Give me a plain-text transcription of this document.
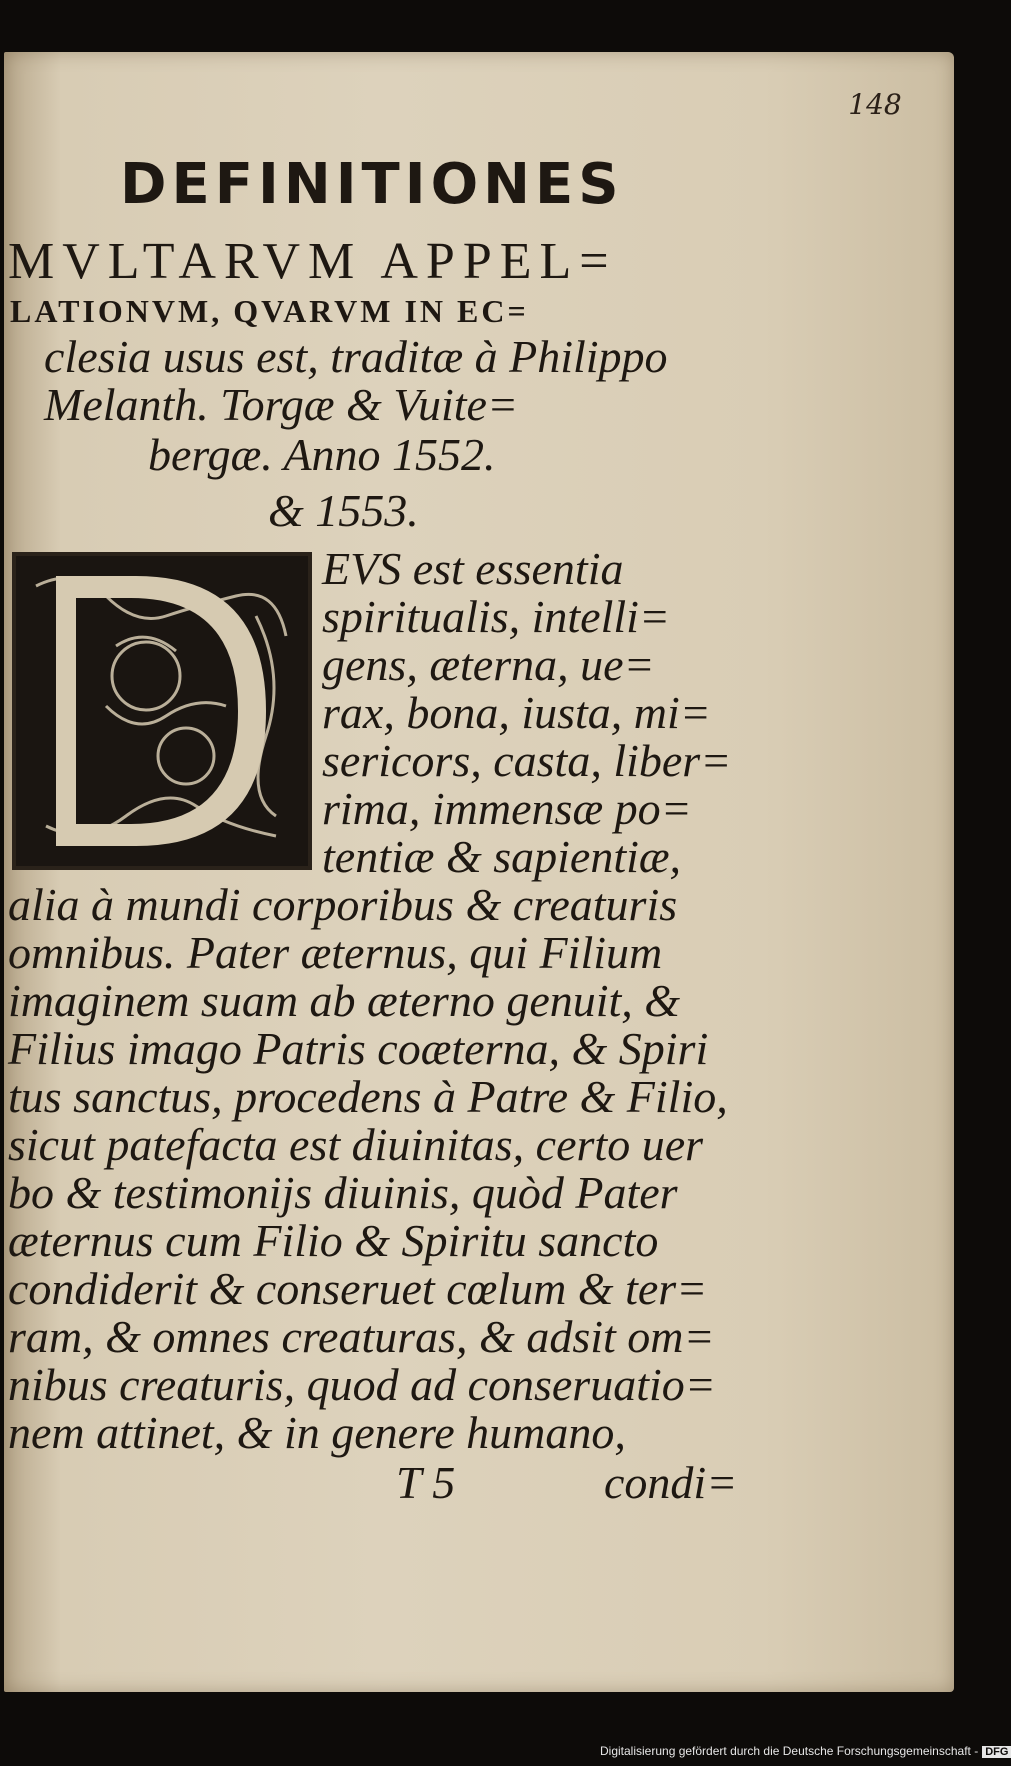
148
DEFINITIONES
MVLTARVM APPEL=
LATIONVM, QVARVM IN EC=
clesia usus est, traditæ à Philippo
Melanth. Torgæ & Vuite=
bergæ. Anno 1552.
& 1553.
EVS est essentia
spiritualis, intelli=
gens, æterna, ue=
rax, bona, iusta, mi=
sericors, casta, liber=
rima, immensæ po=
tentiæ & sapientiæ,
alia à mundi corporibus & creaturis
omnibus. Pater æternus, qui Filium
imaginem suam ab æterno genuit, &
Filius imago Patris coæterna, & Spiri
tus sanctus, procedens à Patre & Filio,
sicut patefacta est diuinitas, certo uer
bo & testimonijs diuinis, quòd Pater
æternus cum Filio & Spiritu sancto
condiderit & conseruet cœlum & ter=
ram, & omnes creaturas, & adsit om=
nibus creaturis, quod ad conseruatio=
nem attinet, & in genere humano,
T 5	condi=
Digitalisierung gefördert durch die Deutsche Forschungsgemeinschaft - DFG
